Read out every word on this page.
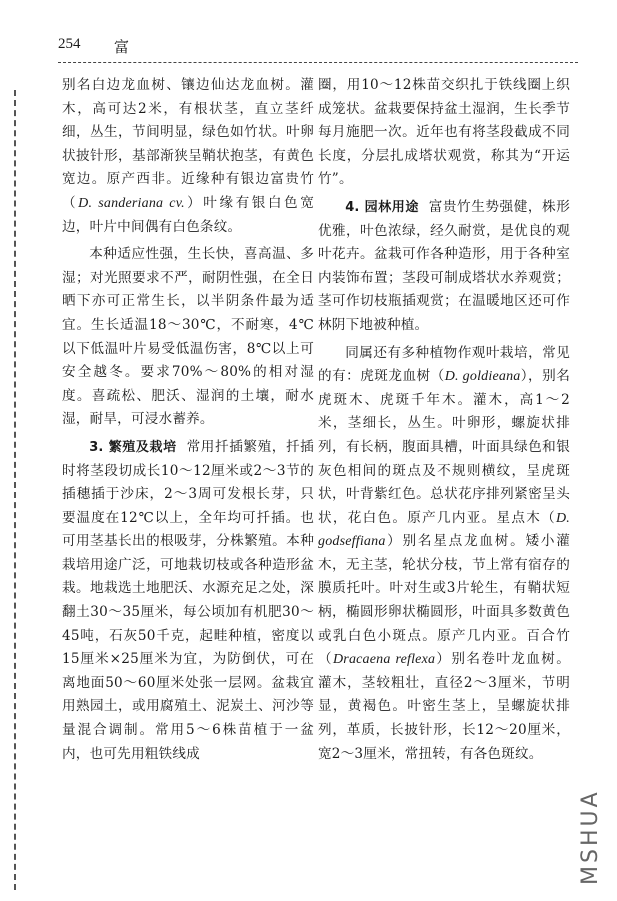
254 富

别名白边龙血树、镶边仙达龙血树。灌木，高可达2米，有根状茎，直立茎纤细，丛生，节间明显，绿色如竹状。叶卵状披针形，基部渐狭呈鞘状抱茎，有黄色宽边。原产西非。近缘种有银边富贵竹（D. sanderiana cv.）叶缘有银白色宽边，叶片中间偶有白色条纹。

本种适应性强，生长快，喜高温、多湿；对光照要求不严，耐阴性强，在全日晒下亦可正常生长，以半阴条件最为适宜。生长适温18～30℃，不耐寒，4℃以下低温叶片易受低温伤害，8℃以上可安全越冬。要求70%～80%的相对湿度。喜疏松、肥沃、湿润的土壤，耐水湿，耐旱，可浸水蓄养。

3. 繁殖及栽培 常用扦插繁殖，扦插时将茎段切成长10～12厘米或2～3节的插穗插于沙床，2～3周可发根长芽，只要温度在12℃以上，全年均可扦插。也可用茎基长出的根吸芽，分株繁殖。本种栽培用途广泛，可地栽切枝或各种造形盆栽。地栽选土地肥沃、水源充足之处，深翻土30～35厘米，每公顷加有机肥30～45吨，石灰50千克，起畦种植，密度以15厘米×25厘米为宜，为防倒伏，可在离地面50～60厘米处张一层网。盆栽宜用熟园土，或用腐殖土、泥炭土、河沙等量混合调制。常用5～6株苗植于一盆内，也可先用粗铁线成

圈，用10～12株苗交织扎于铁线圈上织成笼状。盆栽要保持盆土湿润，生长季节每月施肥一次。近年也有将茎段截成不同长度，分层扎成塔状观赏，称其为“开运竹”。

4. 园林用途 富贵竹生势强健，株形优雅，叶色浓绿，经久耐赏，是优良的观叶花卉。盆栽可作各种造形，用于各种室内装饰布置；茎段可制成塔状水养观赏；茎可作切枝瓶插观赏；在温暖地区还可作林阴下地被种植。

同属还有多种植物作观叶栽培，常见的有：虎斑龙血树（D. goldieana），别名虎斑木、虎斑千年木。灌木，高1～2米，茎细长，丛生。叶卵形，螺旋状排列，有长柄，腹面具槽，叶面具绿色和银灰色相间的斑点及不规则横纹，呈虎斑状，叶背紫红色。总状花序排列紧密呈头状，花白色。原产几内亚。星点木（D. godseffiana）别名星点龙血树。矮小灌木，无主茎，轮状分枝，节上常有宿存的膜质托叶。叶对生或3片轮生，有鞘状短柄，椭圆形卵状椭圆形，叶面具多数黄色或乳白色小斑点。原产几内亚。百合竹（Dracaena reflexa）别名卷叶龙血树。灌木，茎较粗壮，直径2～3厘米，节明显，黄褐色。叶密生茎上，呈螺旋状排列，革质，长披针形，长12～20厘米，宽2～3厘米，常扭转，有各色斑纹。

MSHUA
